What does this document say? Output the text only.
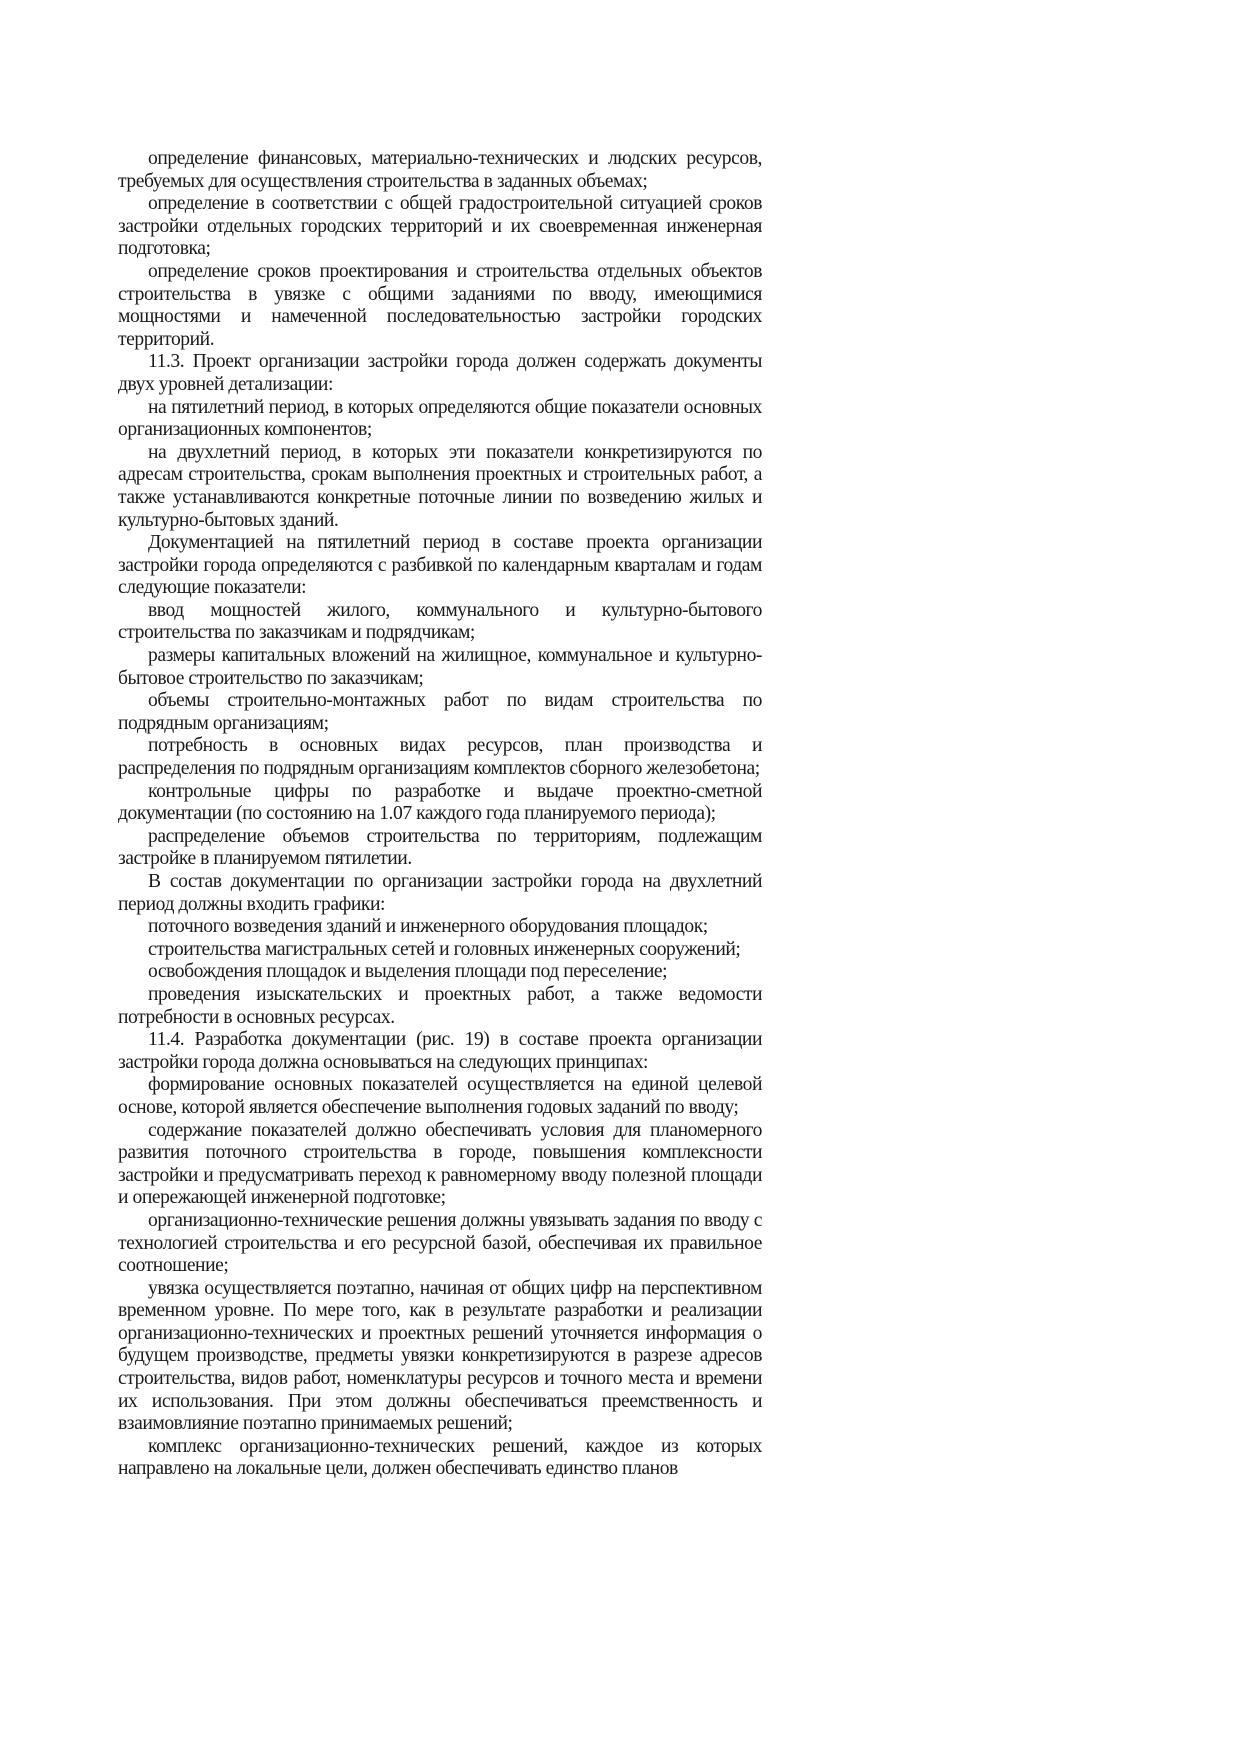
определение финансовых, материально-технических и людских ресурсов, требуемых для осуществления строительства в заданных объемах;

определение в соответствии с общей градостроительной ситуацией сроков застройки отдельных городских территорий и их своевременная инженерная подготовка;

определение сроков проектирования и строительства отдельных объектов строительства в увязке с общими заданиями по вводу, имеющимися мощностями и намеченной последовательностью застройки городских территорий.

11.3. Проект организации застройки города должен содержать документы двух уровней детализации:

на пятилетний период, в которых определяются общие показатели основных организационных компонентов;

на двухлетний период, в которых эти показатели конкретизируются по адресам строительства, срокам выполнения проектных и строительных работ, а также устанавливаются конкретные поточные линии по возведению жилых и культурно-бытовых зданий.

Документацией на пятилетний период в составе проекта организации застройки города определяются с разбивкой по календарным кварталам и годам следующие показатели:

ввод мощностей жилого, коммунального и культурно-бытового строительства по заказчикам и подрядчикам;

размеры капитальных вложений на жилищное, коммунальное и культурно-бытовое строительство по заказчикам;

объемы строительно-монтажных работ по видам строительства по подрядным организациям;

потребность в основных видах ресурсов, план производства и распределения по подрядным организациям комплектов сборного железобетона;

контрольные цифры по разработке и выдаче проектно-сметной документации (по состоянию на 1.07 каждого года планируемого периода);

распределение объемов строительства по территориям, подлежащим застройке в планируемом пятилетии.

В состав документации по организации застройки города на двухлетний период должны входить графики:

поточного возведения зданий и инженерного оборудования площадок;

строительства магистральных сетей и головных инженерных сооружений;

освобождения площадок и выделения площади под переселение;

проведения изыскательских и проектных работ, а также ведомости потребности в основных ресурсах.

11.4. Разработка документации (рис. 19) в составе проекта организации застройки города должна основываться на следующих принципах:

формирование основных показателей осуществляется на единой целевой основе, которой является обеспечение выполнения годовых заданий по вводу;

содержание показателей должно обеспечивать условия для планомерного развития поточного строительства в городе, повышения комплексности застройки и предусматривать переход к равномерному вводу полезной площади и опережающей инженерной подготовке;

организационно-технические решения должны увязывать задания по вводу с технологией строительства и его ресурсной базой, обеспечивая их правильное соотношение;

увязка осуществляется поэтапно, начиная от общих цифр на перспективном временном уровне. По мере того, как в результате разработки и реализации организационно-технических и проектных решений уточняется информация о будущем производстве, предметы увязки конкретизируются в разрезе адресов строительства, видов работ, номенклатуры ресурсов и точного места и времени их использования. При этом должны обеспечиваться преемственность и взаимовлияние поэтапно принимаемых решений;

комплекс организационно-технических решений, каждое из которых направлено на локальные цели, должен обеспечивать единство планов
